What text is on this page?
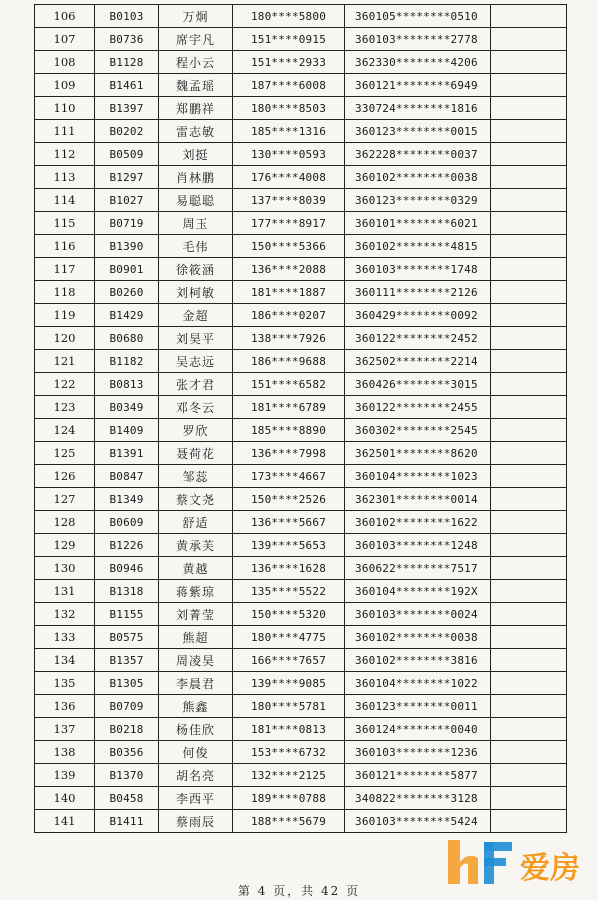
106	B0103	万炯	180****5800	360105********0510	
107	B0736	席宇凡	151****0915	360103********2778	
108	B1128	程小云	151****2933	362330********4206	
109	B1461	魏孟瑶	187****6008	360121********6949	
110	B1397	郑鹏祥	180****8503	330724********1816	
111	B0202	雷志敏	185****1316	360123********0015	
112	B0509	刘挺	130****0593	362228********0037	
113	B1297	肖林鹏	176****4008	360102********0038	
114	B1027	易聪聪	137****8039	360123********0329	
115	B0719	周玉	177****8917	360101********6021	
116	B1390	毛伟	150****5366	360102********4815	
117	B0901	徐筱涵	136****2088	360103********1748	
118	B0260	刘柯敏	181****1887	360111********2126	
119	B1429	金超	186****0207	360429********0092	
120	B0680	刘昊平	138****7926	360122********2452	
121	B1182	吴志远	186****9688	362502********2214	
122	B0813	张才君	151****6582	360426********3015	
123	B0349	邓冬云	181****6789	360122********2455	
124	B1409	罗欣	185****8890	360302********2545	
125	B1391	聂荷花	136****7998	362501********8620	
126	B0847	邹蕊	173****4667	360104********1023	
127	B1349	蔡文尧	150****2526	362301********0014	
128	B0609	舒适	136****5667	360102********1622	
129	B1226	黄承芙	139****5653	360103********1248	
130	B0946	黄越	136****1628	360622********7517	
131	B1318	蒋紫琼	135****5522	360104********192X	
132	B1155	刘菁莹	150****5320	360103********0024	
133	B0575	熊超	180****4775	360102********0038	
134	B1357	周凌昊	166****7657	360102********3816	
135	B1305	李晨君	139****9085	360104********1022	
136	B0709	熊鑫	180****5781	360123********0011	
137	B0218	杨佳欣	181****0813	360124********0040	
138	B0356	何俊	153****6732	360103********1236	
139	B1370	胡名亮	132****2125	360121********5877	
140	B0458	李西平	189****0788	340822********3128	
141	B1411	蔡雨辰	188****5679	360103********5424	
第 4 页，共 42 页
爱房
